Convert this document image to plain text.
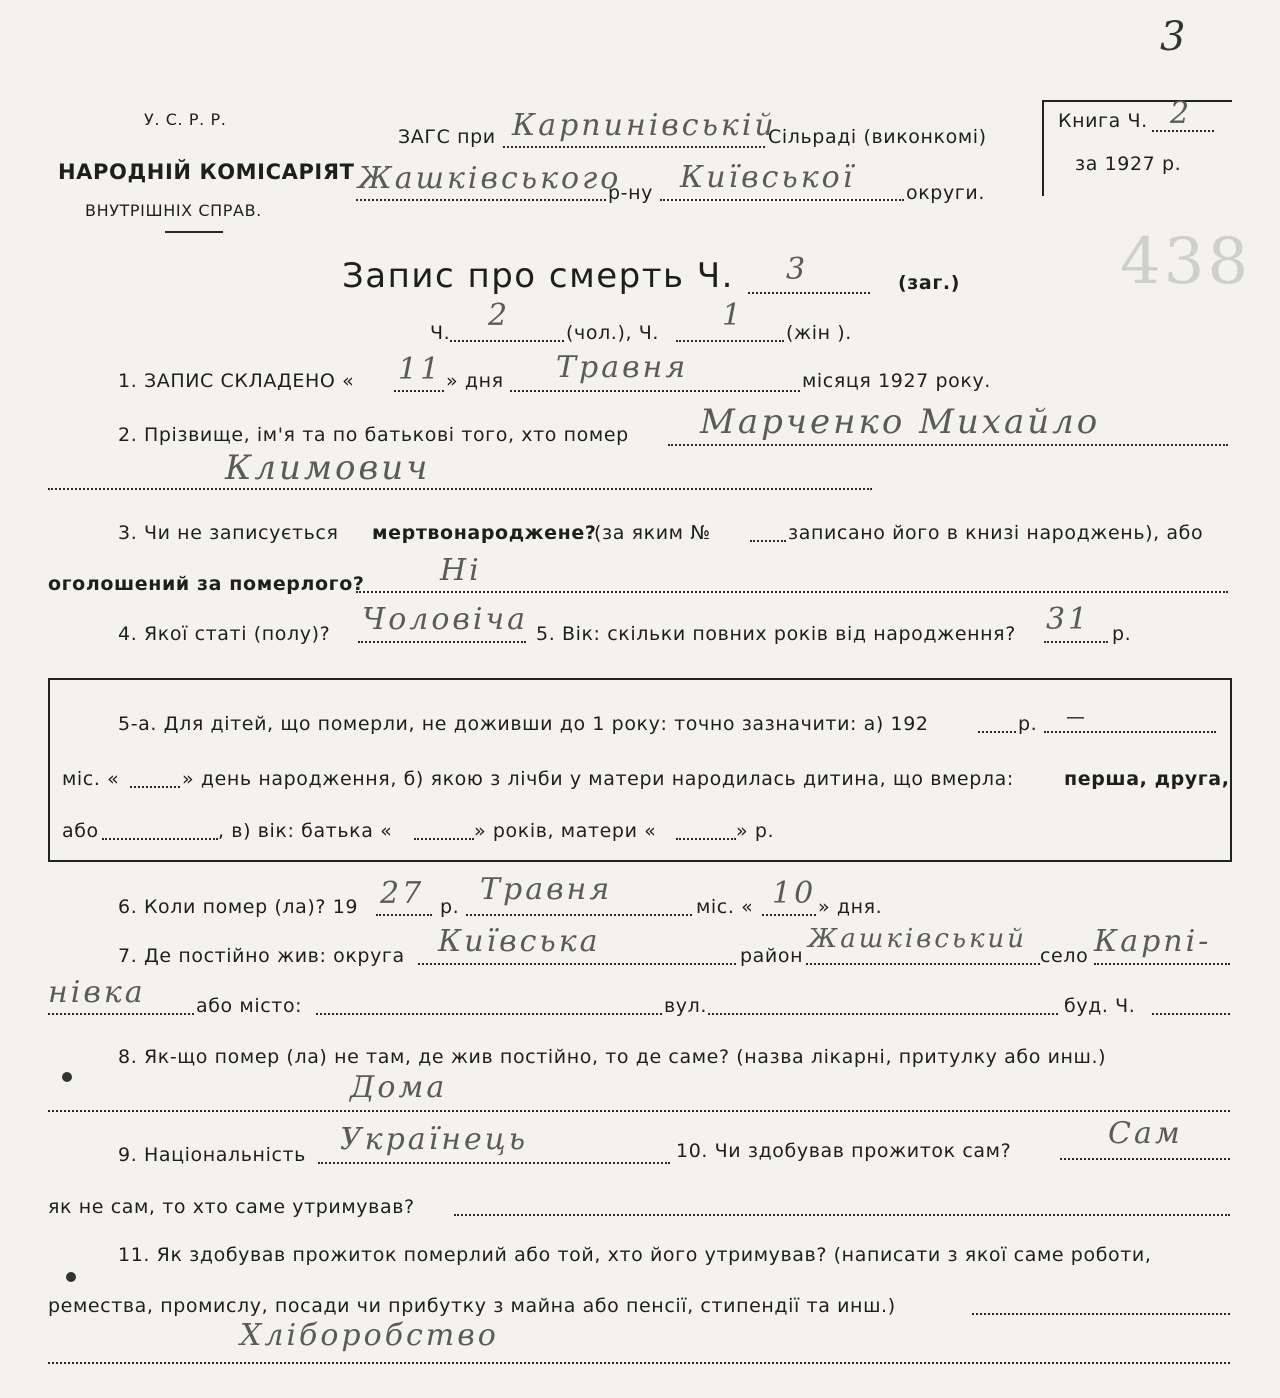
У. С. Р. Р.
НАРОДНІЙ КОМІСАРІЯТ
ВНУТРІШНІХ СПРАВ.
ЗАГС при Карпинівській
Сільраді (виконкомі)
Жашківського
р-ну Київської	округи.
Книга Ч. 2
за 1927 р.
3
438
Запис про смерть Ч. 3	(заг.)
Ч. 2	(чол.), Ч. 1 (жін ).
1. ЗАПИС СКЛАДЕНО « 11 » дня Травня	місяця 1927 року.
2. Прізвище, ім'я та по батькові того, хто помер Марченко Михайло
Климович
3. Чи не записується мертвонароджене?
(за яким №	записано його в книзі народжень), або
оголошений за померлого?	Ні
4. Якої статі (полу)? Чоловіча 5. Вік: скільки повних років від народження? 31 р.
5-а. Для дітей, що померли, не доживши до 1 року: точно зазначити: а) 192	р. —
міс. «	» день народження, б) якою з лічби у матери народилась дитина, що вмерла:	перша, друга,
або	, в) вік: батька «	» років, матери «	» р.
6. Коли помер (ла)? 19 27 р. Травня	міс. « 10 » дня.
7. Де постійно жив: округа Київська	район
Жашківський
село Карпі-
нівка	або місто:	вул.	буд. Ч.
8. Як-що помер (ла) не там, де жив постійно, то де саме? (назва лікарні, притулку або инш.)
Дома
9. Національність Українець	10. Чи здобував прожиток сам?	Сам
як не сам, то хто саме утримував?
11. Як здобував прожиток померлий або той, хто його утримував? (написати з якої саме роботи,
ремества, промислу, посади чи прибутку з майна або пенсії, стипендії та инш.)
Хліборобство
